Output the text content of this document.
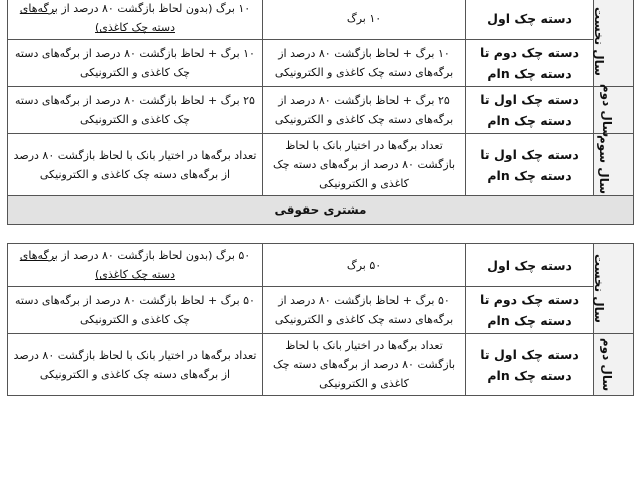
سال نخست	دسته چک اول	۱۰ برگ	۱۰ برگ (بدون لحاظ بازگشت ۸۰ درصد از برگه‌های دسته چک کاغذی)
	دسته چک دوم تا دسته چک nام	۱۰ برگ + لحاظ بازگشت ۸۰ درصد از برگه‌های دسته چک کاغذی و الکترونیکی	۱۰ برگ + لحاظ بازگشت ۸۰ درصد از برگه‌های دسته چک کاغذی و الکترونیکی
سال دوم	دسته چک اول تا دسته چک nام	۲۵ برگ + لحاظ بازگشت ۸۰ درصد از برگه‌های دسته چک کاغذی و الکترونیکی	۲۵ برگ + لحاظ بازگشت ۸۰ درصد از برگه‌های دسته چک کاغذی و الکترونیکی
سال سوم	دسته چک اول تا دسته چک nام	تعداد برگه‌ها در اختیار بانک با لحاظ بازگشت ۸۰ درصد از برگه‌های دسته چک کاغذی و الکترونیکی	تعداد برگه‌ها در اختیار بانک با لحاظ بازگشت ۸۰ درصد از برگه‌های دسته چک کاغذی و الکترونیکی
مشتری حقوقی			

سال نخست	دسته چک اول	۵۰ برگ	۵۰ برگ (بدون لحاظ بازگشت ۸۰ درصد از برگه‌های دسته چک کاغذی)
	دسته چک دوم تا دسته چک nام	۵۰ برگ + لحاظ بازگشت ۸۰ درصد از برگه‌های دسته چک کاغذی و الکترونیکی	۵۰ برگ + لحاظ بازگشت ۸۰ درصد از برگه‌های دسته چک کاغذی و الکترونیکی
سال دوم	دسته چک اول تا دسته چک nام	تعداد برگه‌ها در اختیار بانک با لحاظ بازگشت ۸۰ درصد از برگه‌های دسته چک کاغذی و الکترونیکی	تعداد برگه‌ها در اختیار بانک با لحاظ بازگشت ۸۰ درصد از برگه‌های دسته چک کاغذی و الکترونیکی
